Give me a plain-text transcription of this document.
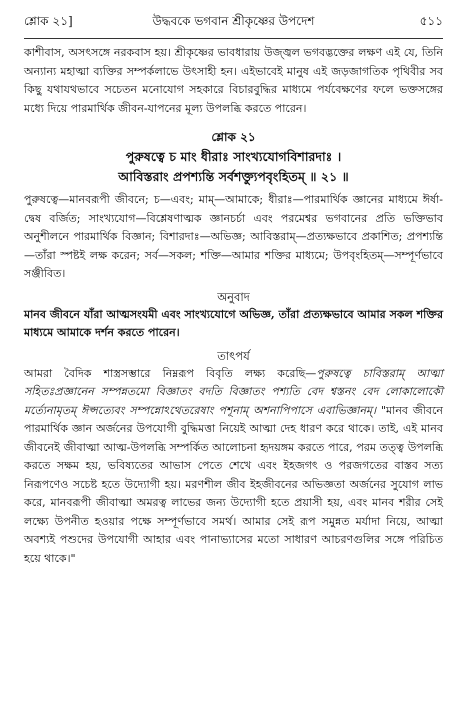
শ্লোক ২১]	উদ্ধবকে ভগবান শ্রীকৃষ্ণের উপদেশ	৫১১

কাশীবাস, অসৎসঙ্গে নরকবাস হয়। শ্রীকৃষ্ণের ভাবধারায় উজ্জ্বল ভগবদ্ভক্তের লক্ষণ এই যে, তিনি অন্যান্য মহাত্মা ব্যক্তির সম্পর্কলাভে উৎসাহী হন। এইভাবেই মানুষ এই জড়জাগতিক পৃথিবীর সব কিছু যথাযথভাবে সচেতন মনোযোগ সহকারে বিচারবুদ্ধির মাধ্যমে পর্যবেক্ষণের ফলে ভক্তসঙ্গের মধ্যে দিয়ে পারমার্থিক জীবন-যাপনের মূল্য উপলব্ধি করতে পারেন।

শ্লোক ২১
পুরুষত্বে চ মাং ধীরাঃ সাংখ্যযোগবিশারদাঃ ।
আবিস্তরাং প্রপশ্যন্তি সর্বশক্ত্যুপবৃংহিতম্‌ ॥ ২১ ॥

পুরুষত্বে—মানবরূপী জীবনে; চ—এবং; মাম্—আমাকে; ধীরাঃ—পারমার্থিক জ্ঞানের মাধ্যমে ঈর্ষা-দ্বেষ বর্জিত; সাংখ্যযোগ—বিশ্লেষণাত্মক জ্ঞানচর্চা এবং পরমেশ্বর ভগবানের প্রতি ভক্তিভাব অনুশীলনে পারমার্থিক বিজ্ঞান; বিশারদাঃ—অভিজ্ঞ; আবিস্তরাম্—প্রত্যক্ষভাবে প্রকাশিত; প্রপশ্যন্তি—তাঁরা স্পষ্টই লক্ষ করেন; সর্ব—সকল; শক্তি—আমার শক্তির মাধ্যমে; উপবৃংহিতম্—সম্পূর্ণভাবে সঞ্জীবিত।

অনুবাদ

মানব জীবনে যাঁরা আত্মসংযমী এবং সাংখ্যযোগে অভিজ্ঞ, তাঁরা প্রত্যক্ষভাবে আমার সকল শক্তির মাধ্যমে আমাকে দর্শন করতে পারেন।

তাৎপর্য

আমরা বৈদিক শাস্ত্রসম্ভারে নিম্নরূপ বিবৃতি লক্ষ্য করেছি—পুরুষত্বে চাবিস্তরাম্ আত্মা সহিতঃপ্রজ্ঞানেন সম্পন্নতমো বিজ্ঞাতং বদতি বিজ্ঞাতং পশ্যতি বেদ শ্বস্তনং বেদ লোকালোকৌ মর্ত্যেনামৃতম্ ঈপ্সত্যেবং সম্পন্নোঽথেতরেষাং পশূনাম্ অশনাপিপাসে এবাভিজ্ঞানম্। "মানব জীবনে পারমার্থিক জ্ঞান অর্জনের উপযোগী বুদ্ধিমত্তা নিয়েই আত্মা দেহ ধারণ করে থাকে। তাই, এই মানব জীবনেই জীবাত্মা আত্ম-উপলব্ধি সম্পর্কিত আলোচনা হৃদয়ঙ্গম করতে পারে, পরম তত্ত্ব উপলব্ধি করতে সক্ষম হয়, ভবিষ্যতের আভাস পেতে শেখে এবং ইহজগৎ ও পরজগতের বাস্তব সত্য নিরূপণেও সচেষ্ট হতে উদ্যোগী হয়। মরণশীল জীব ইহজীবনের অভিজ্ঞতা অর্জনের সুযোগ লাভ করে, মানবরূপী জীবাত্মা অমরত্ব লাভের জন্য উদ্যোগী হতে প্রয়াসী হয়, এবং মানব শরীর সেই লক্ষ্যে উপনীত হওয়ার পক্ষে সম্পূর্ণভাবে সমর্থ। আমার সেই রূপ সমুন্নত মর্যাদা নিয়ে, আত্মা অবশ্যই পশুদের উপযোগী আহার এবং পানাভ্যাসের মতো সাধারণ আচরণগুলির সঙ্গে পরিচিত হয়ে থাকে।"
